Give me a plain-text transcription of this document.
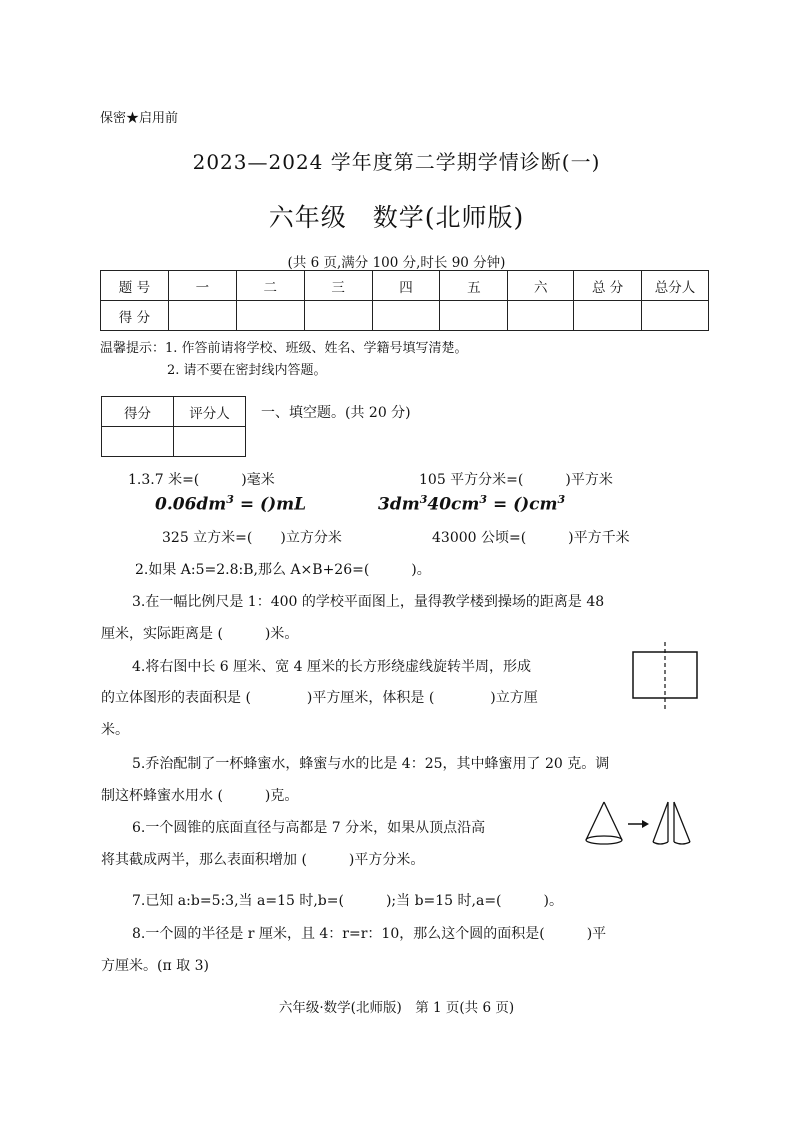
保密★启用前
2023—2024 学年度第二学期学情诊断(一)
六年级　数学(北师版)
(共 6 页,满分 100 分,时长 90 分钟)
题 号	一	二	三	四	五	六	总 分	总分人
得 分								
温馨提示：1. 作答前请将学校、班级、姓名、学籍号填写清楚。
2. 请不要在密封线内答题。
得分	评分人
	一、填空题。(共 20 分)
1.3.7 米=(　　　)毫米	105 平方分米=(　　　)平方米
$0.06dm^3 = ()mL$	$3dm^340cm^3 = ()cm^3$
325 立方米=(　　)立方分米	43000 公顷=(　　　)平方千米
2.如果 A:5=2.8:B,那么 A×B+26=(　　　)。
3.在一幅比例尺是 1：400 的学校平面图上，量得教学楼到操场的距离是 48
厘米，实际距离是 (　　　)米。
4.将右图中长 6 厘米、宽 4 厘米的长方形绕虚线旋转半周，形成
的立体图形的表面积是 (　　　　)平方厘米，体积是 (　　　　)立方厘
米。
5.乔治配制了一杯蜂蜜水，蜂蜜与水的比是 4：25，其中蜂蜜用了 20 克。调
制这杯蜂蜜水用水 (　　　)克。
6.一个圆锥的底面直径与高都是 7 分米，如果从顶点沿高
将其截成两半，那么表面积增加 (　　　)平方分米。
7.已知 a:b=5:3,当 a=15 时,b=(　　　);当 b=15 时,a=(　　　)。
8.一个圆的半径是 r 厘米，且 4：r=r：10，那么这个圆的面积是(　　　)平
方厘米。(π 取 3)
六年级·数学(北师版)　第 1 页(共 6 页)
